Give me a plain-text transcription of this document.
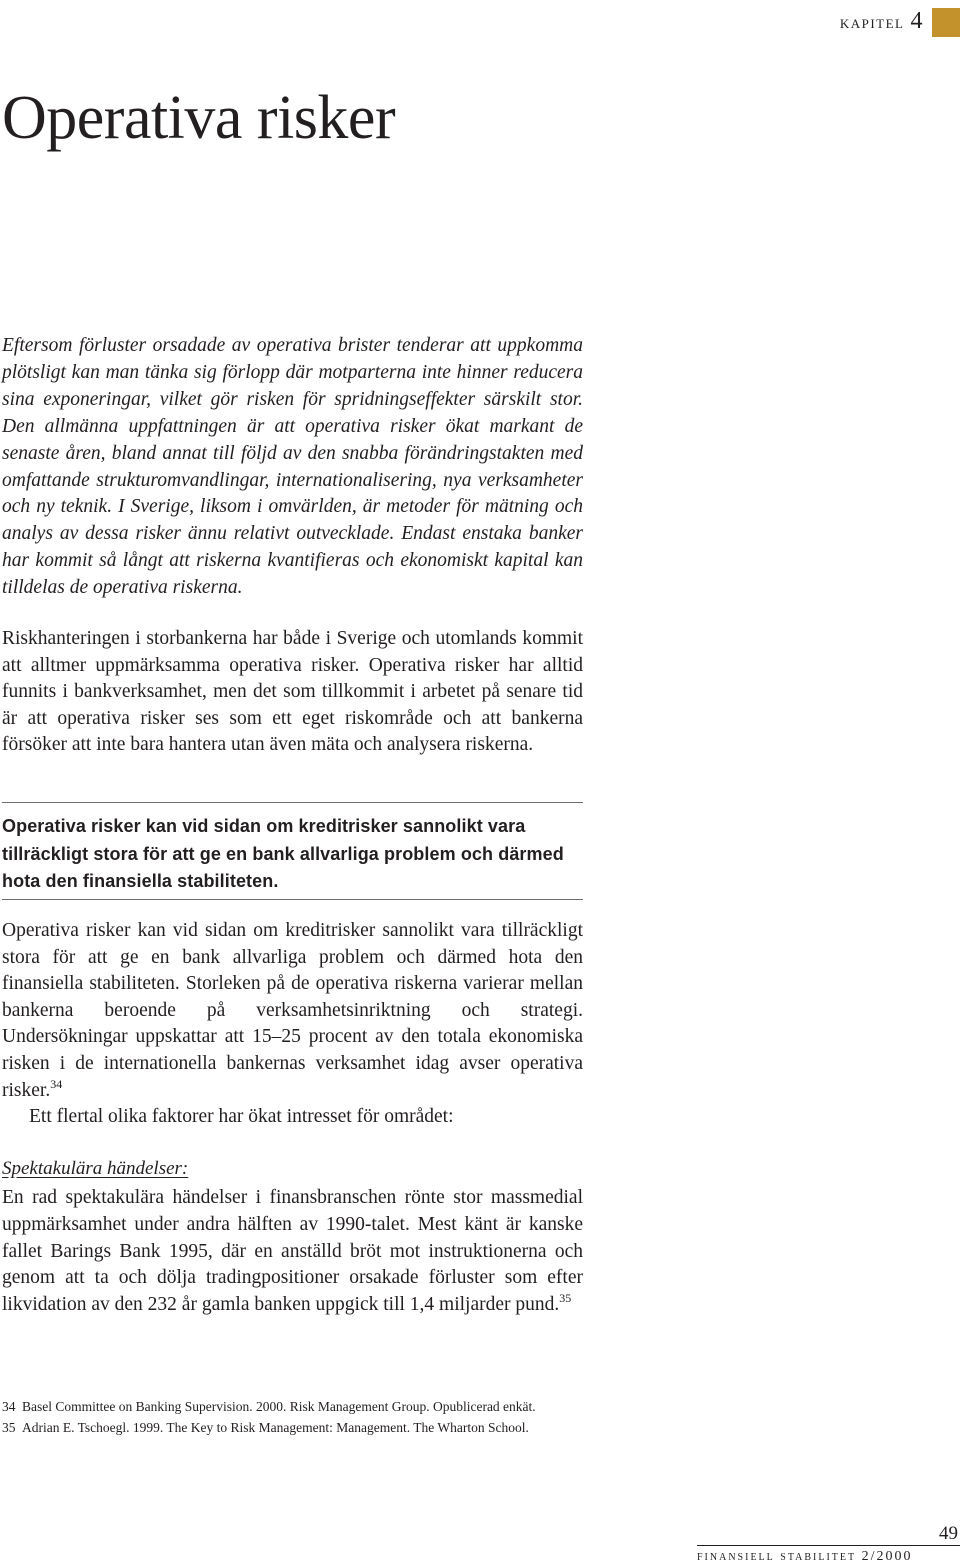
kapitel 4
Operativa risker

Eftersom förluster orsadade av operativa brister tenderar att uppkomma plötsligt kan man tänka sig förlopp där motparterna inte hinner reducera sina exponeringar, vilket gör risken för spridningseffekter särskilt stor. Den allmänna uppfattningen är att operativa risker ökat markant de senaste åren, bland annat till följd av den snabba förändringstakten med omfattande strukturomvandlingar, internationalisering, nya verksamheter och ny teknik. I Sverige, liksom i omvärlden, är metoder för mätning och analys av dessa risker ännu relativt outvecklade. Endast enstaka banker har kommit så långt att riskerna kvantifieras och ekonomiskt kapital kan tilldelas de operativa riskerna.

Riskhanteringen i storbankerna har både i Sverige och utomlands kommit att alltmer uppmärksamma operativa risker. Operativa risker har alltid funnits i bankverksamhet, men det som tillkommit i arbetet på senare tid är att operativa risker ses som ett eget riskområde och att bankerna försöker att inte bara hantera utan även mäta och analysera riskerna.

Operativa risker kan vid sidan om kreditrisker sannolikt vara tillräckligt stora för att ge en bank allvarliga problem och därmed hota den finansiella stabiliteten.

Operativa risker kan vid sidan om kreditrisker sannolikt vara tillräckligt stora för att ge en bank allvarliga problem och därmed hota den finansiella stabiliteten. Storleken på de operativa riskerna varierar mellan bankerna beroende på verksamhetsinriktning och strategi. Undersökningar uppskattar att 15–25 procent av den totala ekonomiska risken i de internationella bankernas verksamhet idag avser operativa risker.$^{34}$

Ett flertal olika faktorer har ökat intresset för området:

Spektakulära händelser:

En rad spektakulära händelser i finansbranschen rönte stor massmedial uppmärksamhet under andra hälften av 1990-talet. Mest känt är kanske fallet Barings Bank 1995, där en anställd bröt mot instruktionerna och genom att ta och dölja tradingpositioner orsakade förluster som efter likvidation av den 232 år gamla banken uppgick till 1,4 miljarder pund.$^{35}$

34 Basel Committee on Banking Supervision. 2000. Risk Management Group. Opublicerad enkät.
35 Adrian E. Tschoegl. 1999. The Key to Risk Management: Management. The Wharton School.
49
finansiell stabilitet 2/2000
